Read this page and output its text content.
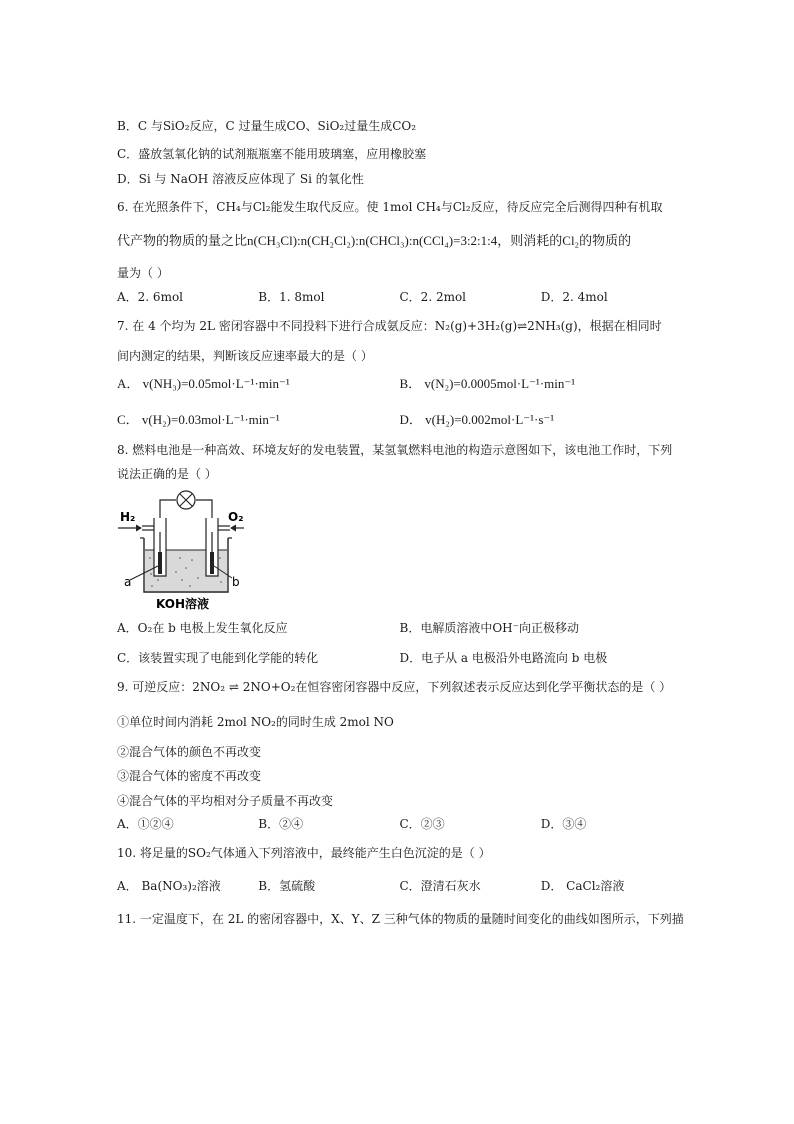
B．C 与SiO₂反应，C 过量生成CO、SiO₂过量生成CO₂
C．盛放氢氧化钠的试剂瓶瓶塞不能用玻璃塞，应用橡胶塞
D．Si 与 NaOH 溶液反应体现了 Si 的氧化性
6. 在光照条件下，CH₄与Cl₂能发生取代反应。使 1mol CH₄与Cl₂反应，待反应完全后测得四种有机取
代产物的物质的量之比n(CH₃Cl):n(CH₂Cl₂):n(CHCl₃):n(CCl₄)=3:2:1:4，则消耗的Cl₂的物质的
量为（ ）
A．2. 6mol	B．1. 8mol	C．2. 2mol	D．2. 4mol
7. 在 4 个均为 2L 密闭容器中不同投料下进行合成氨反应：N₂(g)+3H₂(g)⇌2NH₃(g)，根据在相同时
间内测定的结果，判断该反应速率最大的是（ ）
A． v(NH₃)=0.05mol·L⁻¹·min⁻¹	B． v(N₂)=0.0005mol·L⁻¹·min⁻¹
C． v(H₂)=0.03mol·L⁻¹·min⁻¹	D． v(H₂)=0.002mol·L⁻¹·s⁻¹
8. 燃料电池是一种高效、环境友好的发电装置，某氢氧燃料电池的构造示意图如下，该电池工作时，下列
说法正确的是（ ）
H₂	O₂
a	b
KOH溶液
A．O₂在 b 电极上发生氧化反应	B．电解质溶液中OH⁻向正极移动
C．该装置实现了电能到化学能的转化	D．电子从 a 电极沿外电路流向 b 电极
9. 可逆反应：2NO₂ ⇌ 2NO+O₂在恒容密闭容器中反应，下列叙述表示反应达到化学平衡状态的是（ ）
①单位时间内消耗 2mol NO₂的同时生成 2mol NO
②混合气体的颜色不再改变
③混合气体的密度不再改变
④混合气体的平均相对分子质量不再改变
A．①②④	B．②④	C．②③	D．③④
10. 将足量的SO₂气体通入下列溶液中，最终能产生白色沉淀的是（ ）
A． Ba(NO₃)₂溶液	B．氢硫酸	C．澄清石灰水	D． CaCl₂溶液
11. 一定温度下，在 2L 的密闭容器中，X、Y、Z 三种气体的物质的量随时间变化的曲线如图所示，下列描
